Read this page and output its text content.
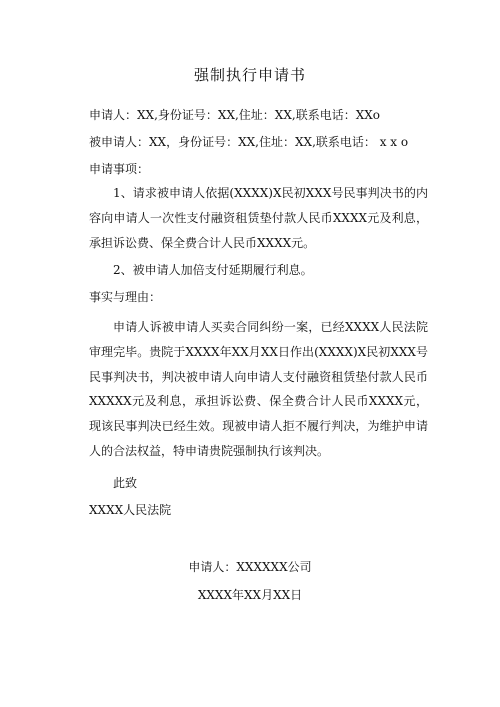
强制执行申请书
申请人：XX,身份证号：XX,住址：XX,联系电话：XXo
被申请人：XX，身份证号：XX,住址：XX,联系电话： x x o
申请事项：
1、请求被申请人依据(XXXX)X民初XXX号民事判决书的内容向申请人一次性支付融资租赁垫付款人民币XXXX元及利息，承担诉讼费、保全费合计人民币XXXX元。
2、被申请人加倍支付延期履行利息。
事实与理由：
申请人诉被申请人买卖合同纠纷一案，已经XXXX人民法院审理完毕。贵院于XXXX年XX月XX日作出(XXXX)X民初XXX号民事判决书，判决被申请人向申请人支付融资租赁垫付款人民币XXXXX元及利息，承担诉讼费、保全费合计人民币XXXX元，现该民事判决已经生效。现被申请人拒不履行判决，为维护申请人的合法权益，特申请贵院强制执行该判决。
此致
XXXX人民法院
申请人：XXXXXX公司
XXXX年XX月XX日
